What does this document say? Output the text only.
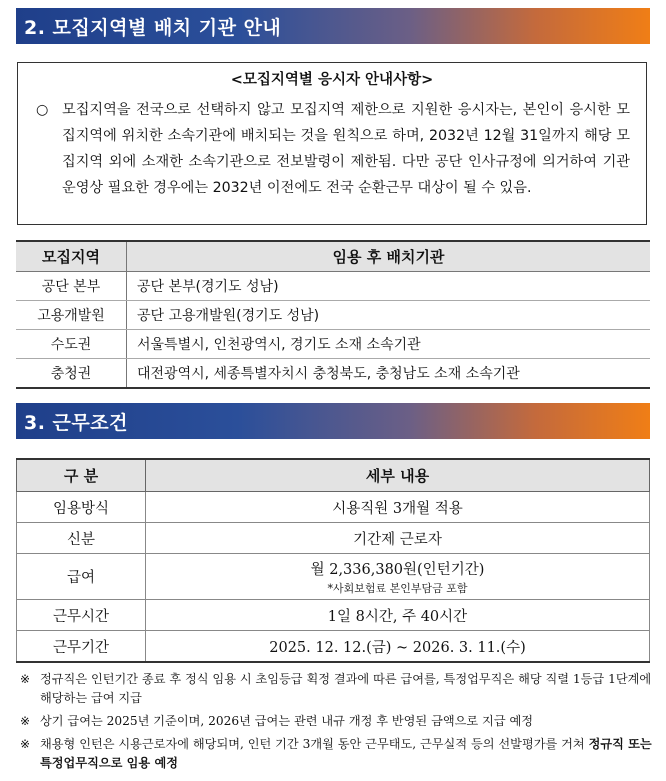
2. 모집지역별 배치 기관 안내
<모집지역별 응시자 안내사항>
○ 모집지역을 전국으로 선택하지 않고 모집지역 제한으로 지원한 응시자는, 본인이 응시한 모집지역에 위치한 소속기관에 배치되는 것을 원칙으로 하며, 2032년 12월 31일까지 해당 모집지역 외에 소재한 소속기관으로 전보발령이 제한됨. 다만 공단 인사규정에 의거하여 기관 운영상 필요한 경우에는 2032년 이전에도 전국 순환근무 대상이 될 수 있음.
모집지역	임용 후 배치기관
공단 본부	공단 본부(경기도 성남)
고용개발원	공단 고용개발원(경기도 성남)
수도권	서울특별시, 인천광역시, 경기도 소재 소속기관
충청권	대전광역시, 세종특별자치시 충청북도, 충청남도 소재 소속기관
3. 근무조건
구 분	세부 내용
임용방식	시용직원 3개월 적용
신분	기간제 근로자
급여	월 2,336,380원(인턴기간)
*사회보험료 본인부담금 포함

근무시간	1일 8시간, 주 40시간
근무기간	2025. 12. 12.(금) ~ 2026. 3. 11.(수)
※ 정규직은 인턴기간 종료 후 정식 임용 시 초임등급 획정 결과에 따른 급여를, 특정업무직은 해당 직렬 1등급 1단계에 해당하는 급여 지급
※ 상기 급여는 2025년 기준이며, 2026년 급여는 관련 내규 개정 후 반영된 금액으로 지급 예정
※ 채용형 인턴은 시용근로자에 해당되며, 인턴 기간 3개월 동안 근무태도, 근무실적 등의 선발평가를 거쳐 정규직 또는 특정업무직으로 임용 예정
